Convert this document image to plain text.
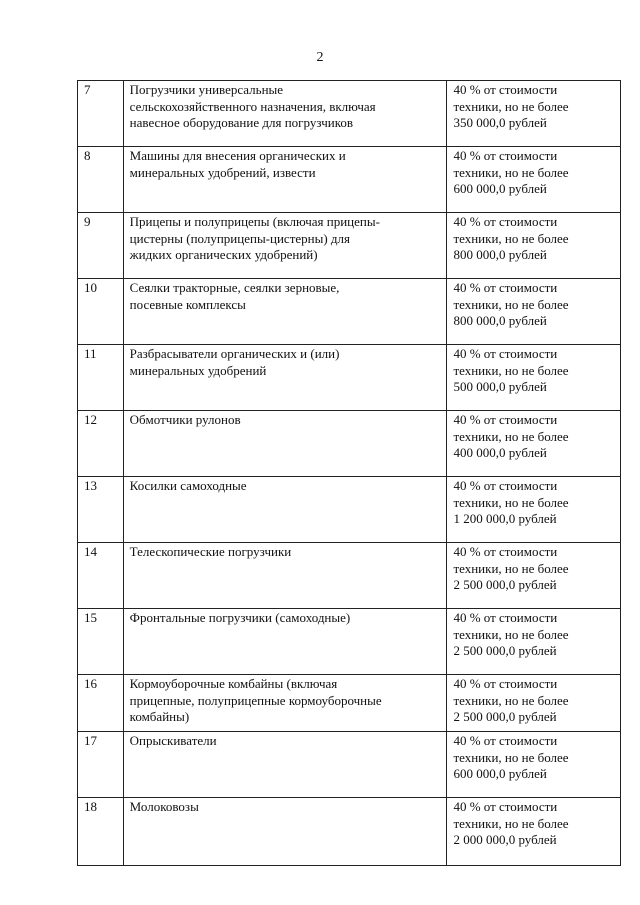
2
7	Погрузчики универсальные
сельскохозяйственного назначения, включая
навесное оборудование для погрузчиков	40 % от стоимости
техники, но не более
350 000,0 рублей

8	Машины для внесения органических и
минеральных удобрений, извести	40 % от стоимости
техники, но не более
600 000,0 рублей

9	Прицепы и полуприцепы (включая прицепы-
цистерны (полуприцепы-цистерны) для
жидких органических удобрений)	40 % от стоимости
техники, но не более
800 000,0 рублей

10	Сеялки тракторные, сеялки зерновые,
посевные комплексы	40 % от стоимости
техники, но не более
800 000,0 рублей

11	Разбрасыватели органических и (или)
минеральных удобрений	40 % от стоимости
техники, но не более
500 000,0 рублей

12	Обмотчики рулонов	40 % от стоимости
техники, но не более
400 000,0 рублей

13	Косилки самоходные	40 % от стоимости
техники, но не более
1 200 000,0 рублей

14	Телескопические погрузчики	40 % от стоимости
техники, но не более
2 500 000,0 рублей

15	Фронтальные погрузчики (самоходные)	40 % от стоимости
техники, но не более
2 500 000,0 рублей

16	Кормоуборочные комбайны (включая
прицепные, полуприцепные кормоуборочные
комбайны)	40 % от стоимости
техники, но не более
2 500 000,0 рублей

17	Опрыскиватели	40 % от стоимости
техники, но не более
600 000,0 рублей

18	Молоковозы	40 % от стоимости
техники, но не более
2 000 000,0 рублей
